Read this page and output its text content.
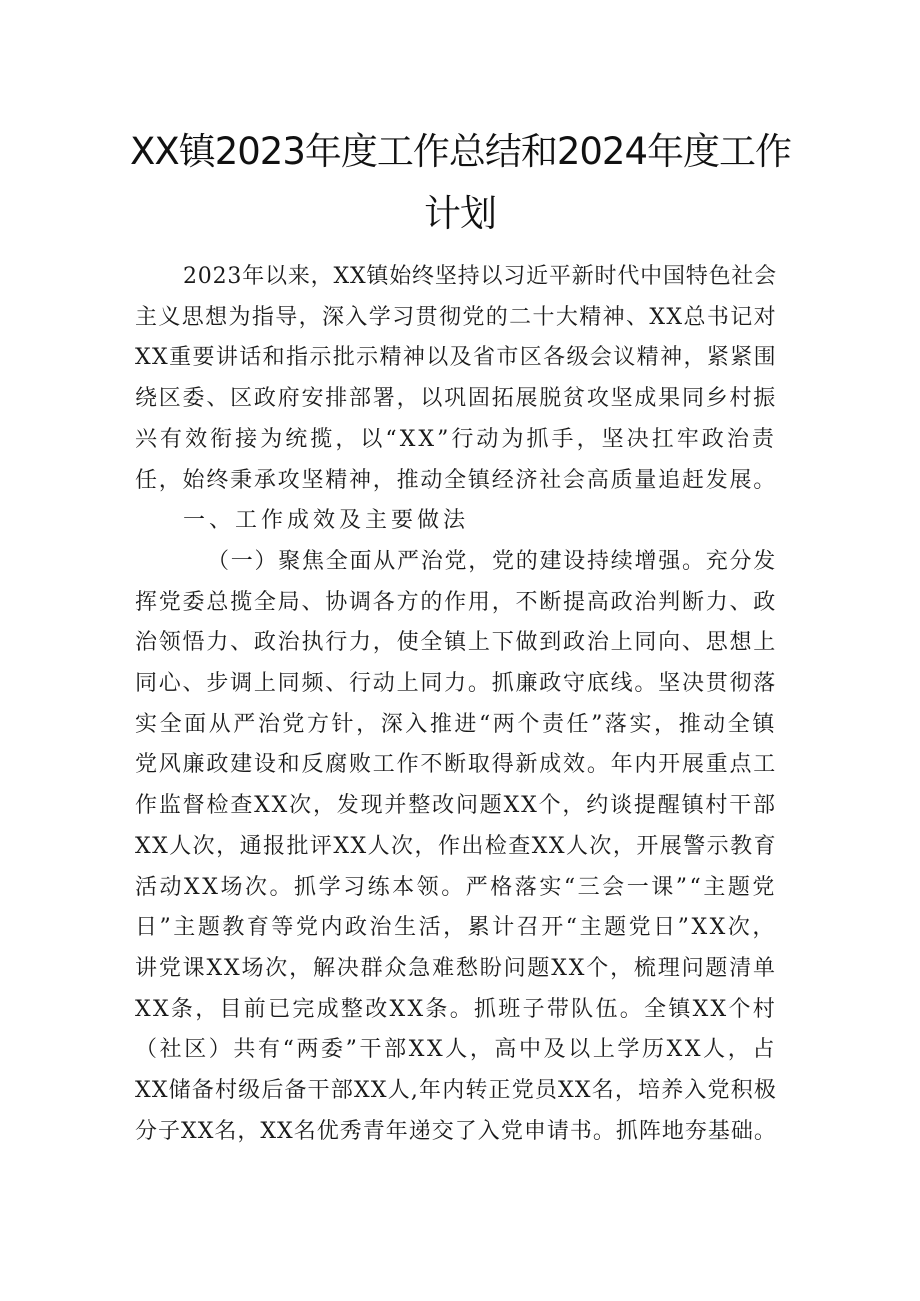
XX镇2023年度工作总结和2024年度工作
计划

2023年以来，XX镇始终坚持以习近平新时代中国特色社会

主义思想为指导，深入学习贯彻党的二十大精神、XX总书记对

XX重要讲话和指示批示精神以及省市区各级会议精神，紧紧围

绕区委、区政府安排部署，以巩固拓展脱贫攻坚成果同乡村振

兴有效衔接为统揽，以“XX”行动为抓手，坚决扛牢政治责

任，始终秉承攻坚精神，推动全镇经济社会高质量追赶发展。

一、工作成效及主要做法

（一）聚焦全面从严治党，党的建设持续增强。充分发

挥党委总揽全局、协调各方的作用，不断提高政治判断力、政

治领悟力、政治执行力，使全镇上下做到政治上同向、思想上

同心、步调上同频、行动上同力。抓廉政守底线。坚决贯彻落

实全面从严治党方针，深入推进“两个责任”落实，推动全镇

党风廉政建设和反腐败工作不断取得新成效。年内开展重点工

作监督检查XX次，发现并整改问题XX个，约谈提醒镇村干部

XX人次，通报批评XX人次，作出检查XX人次，开展警示教育

活动XX场次。抓学习练本领。严格落实“三会一课”“主题党

日”主题教育等党内政治生活，累计召开“主题党日”XX次，

讲党课XX场次，解决群众急难愁盼问题XX个，梳理问题清单

XX条，目前已完成整改XX条。抓班子带队伍。全镇XX个村

（社区）共有“两委”干部XX人，高中及以上学历XX人，占

XX储备村级后备干部XX人,年内转正党员XX名，培养入党积极

分子XX名，XX名优秀青年递交了入党申请书。抓阵地夯基础。
